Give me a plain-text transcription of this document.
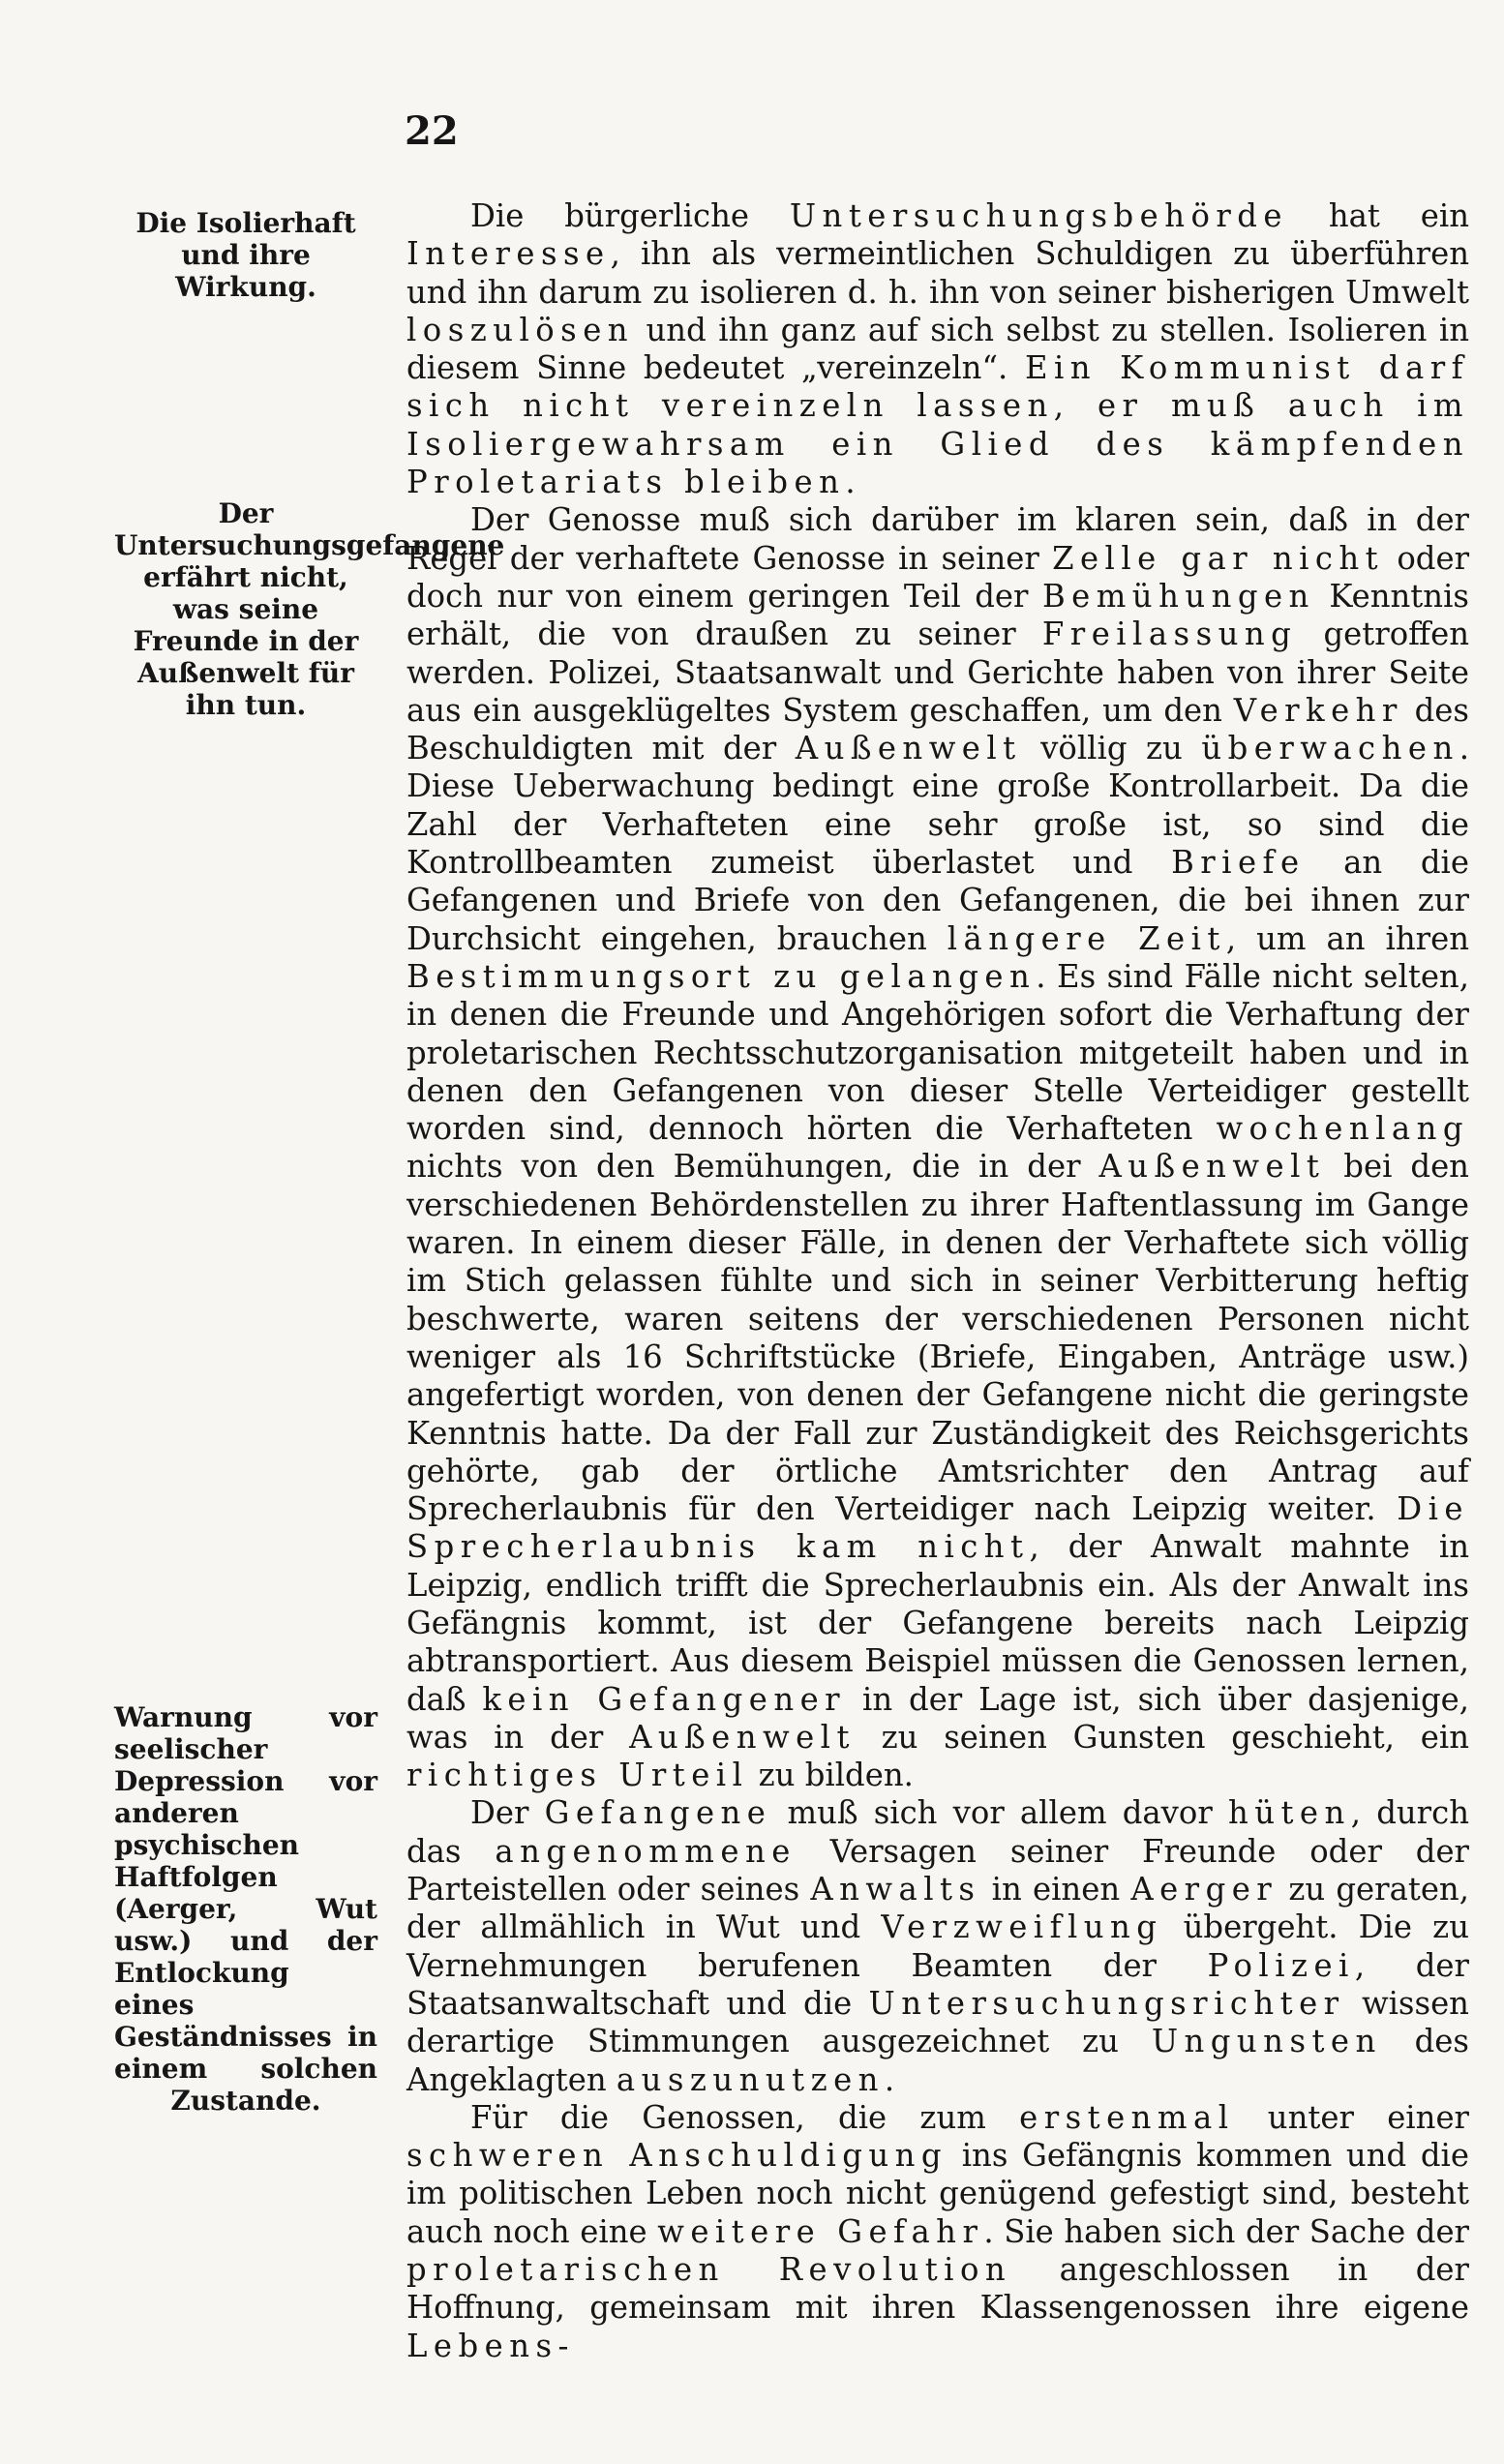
22
Die Isolierhaft und ihre Wirkung.
Der Untersuchungsgefangene erfährt nicht, was seine Freunde in der Außenwelt für ihn tun.
Warnung vor seelischer Depression vor anderen psychischen Haftfolgen (Aerger, Wut usw.) und der Entlockung eines Geständnisses in einem solchen Zustande.

Die bürgerliche Untersuchungsbehörde hat ein Interesse, ihn als vermeintlichen Schuldigen zu überführen und ihn darum zu isolieren d. h. ihn von seiner bisherigen Umwelt loszulösen und ihn ganz auf sich selbst zu stellen. Isolieren in diesem Sinne bedeutet „vereinzeln“. Ein Kommunist darf sich nicht vereinzeln lassen, er muß auch im Isoliergewahrsam ein Glied des kämpfenden Proletariats bleiben.

Der Genosse muß sich darüber im klaren sein, daß in der Regel der verhaftete Genosse in seiner Zelle gar nicht oder doch nur von einem geringen Teil der Bemühungen Kenntnis erhält, die von draußen zu seiner Freilassung getroffen werden. Polizei, Staatsanwalt und Gerichte haben von ihrer Seite aus ein ausgeklügeltes System geschaffen, um den Verkehr des Beschuldigten mit der Außenwelt völlig zu überwachen. Diese Ueberwachung bedingt eine große Kontrollarbeit. Da die Zahl der Verhafteten eine sehr große ist, so sind die Kontrollbeamten zumeist überlastet und Briefe an die Gefangenen und Briefe von den Gefangenen, die bei ihnen zur Durchsicht eingehen, brauchen längere Zeit, um an ihren Bestimmungsort zu gelangen. Es sind Fälle nicht selten, in denen die Freunde und Angehörigen sofort die Verhaftung der proletarischen Rechtsschutzorganisation mitgeteilt haben und in denen den Gefangenen von dieser Stelle Verteidiger gestellt worden sind, dennoch hörten die Verhafteten wochenlang nichts von den Bemühungen, die in der Außenwelt bei den verschiedenen Behördenstellen zu ihrer Haftentlassung im Gange waren. In einem dieser Fälle, in denen der Verhaftete sich völlig im Stich gelassen fühlte und sich in seiner Verbitterung heftig beschwerte, waren seitens der verschiedenen Personen nicht weniger als 16 Schriftstücke (Briefe, Eingaben, Anträge usw.) angefertigt worden, von denen der Gefangene nicht die geringste Kenntnis hatte. Da der Fall zur Zuständigkeit des Reichsgerichts gehörte, gab der örtliche Amtsrichter den Antrag auf Sprecherlaubnis für den Verteidiger nach Leipzig weiter. Die Sprecherlaubnis kam nicht, der Anwalt mahnte in Leipzig, endlich trifft die Sprecherlaubnis ein. Als der Anwalt ins Gefängnis kommt, ist der Gefangene bereits nach Leipzig abtransportiert. Aus diesem Beispiel müssen die Genossen lernen, daß kein Gefangener in der Lage ist, sich über dasjenige, was in der Außenwelt zu seinen Gunsten geschieht, ein richtiges Urteil zu bilden.

Der Gefangene muß sich vor allem davor hüten, durch das angenommene Versagen seiner Freunde oder der Parteistellen oder seines Anwalts in einen Aerger zu geraten, der allmählich in Wut und Verzweiflung übergeht. Die zu Vernehmungen berufenen Beamten der Polizei, der Staatsanwaltschaft und die Untersuchungsrichter wissen derartige Stimmungen ausgezeichnet zu Ungunsten des Angeklagten auszunutzen.

Für die Genossen, die zum erstenmal unter einer schweren Anschuldigung ins Gefängnis kommen und die im politischen Leben noch nicht genügend gefestigt sind, besteht auch noch eine weitere Gefahr. Sie haben sich der Sache der proletarischen Revolution angeschlossen in der Hoffnung, gemeinsam mit ihren Klassengenossen ihre eigene Lebens-
